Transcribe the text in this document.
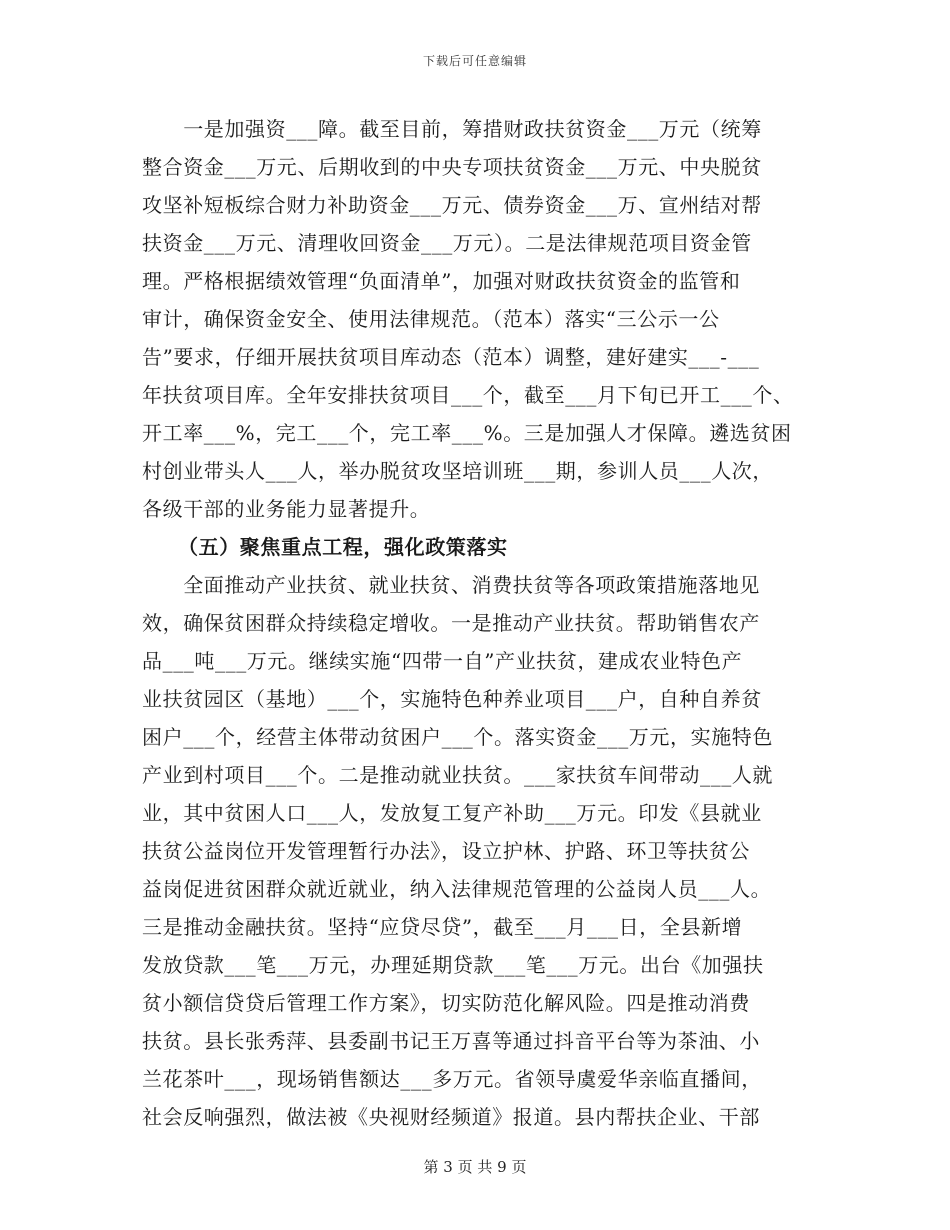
下载后可任意编辑
　　一是加强资___障。截至目前，筹措财政扶贫资金___万元（统筹
整合资金___万元、后期收到的中央专项扶贫资金___万元、中央脱贫
攻坚补短板综合财力补助资金___万元、债券资金___万、宣州结对帮
扶资金___万元、清理收回资金___万元）。二是法律规范项目资金管
理。严格根据绩效管理“负面清单”，加强对财政扶贫资金的监管和
审计，确保资金安全、使用法律规范。（范本）落实“三公示一公
告”要求，仔细开展扶贫项目库动态（范本）调整，建好建实___-___
年扶贫项目库。全年安排扶贫项目___个，截至___月下旬已开工___个、
开工率___%，完工___个，完工率___%。三是加强人才保障。遴选贫困
村创业带头人___人，举办脱贫攻坚培训班___期，参训人员___人次，
各级干部的业务能力显著提升。
（五）聚焦重点工程，强化政策落实
　　全面推动产业扶贫、就业扶贫、消费扶贫等各项政策措施落地见
效，确保贫困群众持续稳定增收。一是推动产业扶贫。帮助销售农产
品___吨___万元。继续实施“四带一自”产业扶贫，建成农业特色产
业扶贫园区（基地）___个，实施特色种养业项目___户，自种自养贫
困户___个，经营主体带动贫困户___个。落实资金___万元，实施特色
产业到村项目___个。二是推动就业扶贫。___家扶贫车间带动___人就
业，其中贫困人口___人，发放复工复产补助___万元。印发《县就业
扶贫公益岗位开发管理暂行办法》，设立护林、护路、环卫等扶贫公
益岗促进贫困群众就近就业，纳入法律规范管理的公益岗人员___人。
三是推动金融扶贫。坚持“应贷尽贷”，截至___月___日，全县新增
发放贷款___笔___万元，办理延期贷款___笔___万元。出台《加强扶
贫小额信贷贷后管理工作方案》，切实防范化解风险。四是推动消费
扶贫。县长张秀萍、县委副书记王万喜等通过抖音平台等为茶油、小
兰花茶叶___，现场销售额达___多万元。省领导虞爱华亲临直播间，
社会反响强烈，做法被《央视财经频道》报道。县内帮扶企业、干部
第 3 页 共 9 页
